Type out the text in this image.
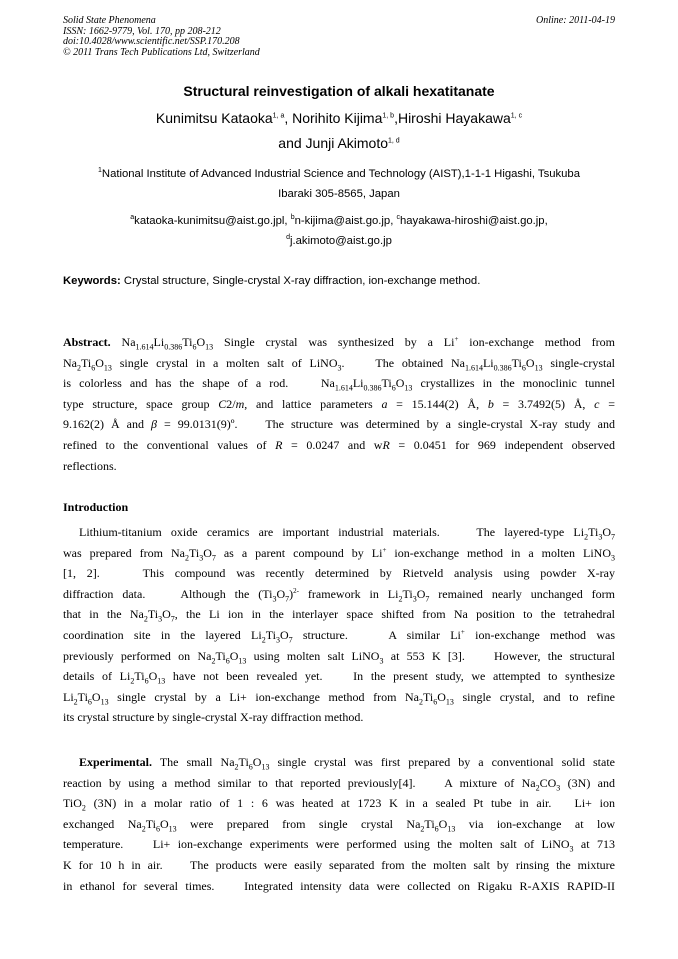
Solid State Phenomena
ISSN: 1662-9779, Vol. 170, pp 208-212
doi:10.4028/www.scientific.net/SSP.170.208
© 2011 Trans Tech Publications Ltd, Switzerland
Online: 2011-04-19
Structural reinvestigation of alkali hexatitanate
Kunimitsu Kataoka$^{1, a}$, Norihito Kijima$^{1, b}$,Hiroshi Hayakawa$^{1, c}$
and Junji Akimoto$^{1, d}$
$^1$National Institute of Advanced Industrial Science and Technology (AIST),1-1-1 Higashi, Tsukuba
Ibaraki 305-8565, Japan
$^a$kataoka-kunimitsu@aist.go.jpl, $^b$n-kijima@aist.go.jp, $^c$hayakawa-hiroshi@aist.go.jp,
$^d$j.akimoto@aist.go.jp
Keywords: Crystal structure, Single-crystal X-ray diffraction, ion-exchange method.
Abstract. $Na_{1.614}Li_{0.386}Ti_6O_{13}$ Single crystal was synthesized by a Li+ ion-exchange method from
$Na_2Ti_6O_{13}$ single crystal in a molten salt of LiNO$_3$.    The obtained $Na_{1.614}Li_{0.386}Ti_6O_{13}$ single-crystal
is colorless and has the shape of a rod.    $Na_{1.614}Li_{0.386}Ti_6O_{13}$ crystallizes in the monoclinic tunnel
type structure, space group C2/m, and lattice parameters a = 15.144(2) Å, b = 3.7492(5) Å, c =
9.162(2) Å and β = 99.0131(9)º.    The structure was determined by a single-crystal X-ray study and
refined to the conventional values of R = 0.0247 and wR = 0.0451 for 969 independent observed
reflections.
Introduction
Lithium-titanium oxide ceramics are important industrial materials.    The layered-type $Li_2Ti_3O_7$
was prepared from $Na_2Ti_3O_7$ as a parent compound by Li+ ion-exchange method in a molten LiNO$_3$
[1, 2].    This compound was recently determined by Rietveld analysis using powder X-ray
diffraction data.    Although the $(Ti_3O_7)^{2-}$ framework in $Li_2Ti_3O_7$ remained nearly unchanged form
that in the $Na_2Ti_3O_7$, the Li ion in the interlayer space shifted from Na position to the tetrahedral
coordination site in the layered $Li_2Ti_3O_7$ structure.    A similar Li+ ion-exchange method was
previously performed on $Na_2Ti_6O_{13}$ using molten salt LiNO$_3$ at 553 K [3].    However, the structural
details of $Li_2Ti_6O_{13}$ have not been revealed yet.    In the present study, we attempted to synthesize
$Li_2Ti_6O_{13}$ single crystal by a Li+ ion-exchange method from $Na_2Ti_6O_{13}$ single crystal, and to refine
its crystal structure by single-crystal X-ray diffraction method.
Experimental. The small $Na_2Ti_6O_{13}$ single crystal was first prepared by a conventional solid state
reaction by using a method similar to that reported previously[4].    A mixture of $Na_2CO_3$ (3N) and
TiO$_2$ (3N) in a molar ratio of 1 : 6 was heated at 1723 K in a sealed Pt tube in air.   Li+ ion
exchanged $Na_2Ti_6O_{13}$ were prepared from single crystal $Na_2Ti_6O_{13}$ via ion-exchange at low
temperature.    Li+ ion-exchange experiments were performed using the molten salt of LiNO$_3$ at 713
K for 10 h in air.    The products were easily separated from the molten salt by rinsing the mixture
in ethanol for several times.    Integrated intensity data were collected on Rigaku R-AXIS RAPID-II
